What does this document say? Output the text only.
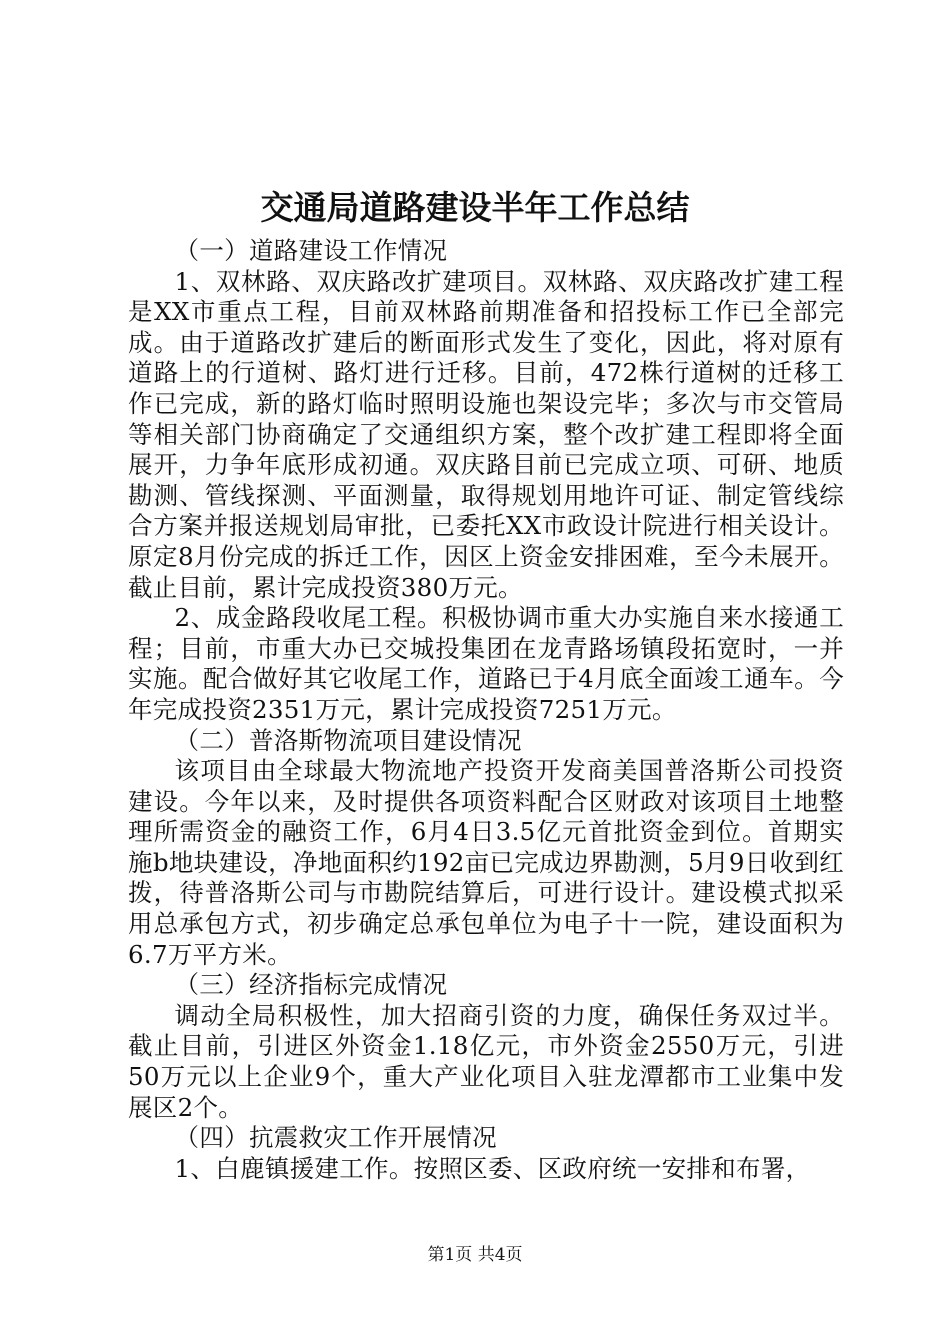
交通局道路建设半年工作总结

（一）道路建设工作情况

1、双林路、双庆路改扩建项目。双林路、双庆路改扩建工程是XX市重点工程，目前双林路前期准备和招投标工作已全部完成。由于道路改扩建后的断面形式发生了变化，因此，将对原有道路上的行道树、路灯进行迁移。目前，472株行道树的迁移工作已完成，新的路灯临时照明设施也架设完毕；多次与市交管局等相关部门协商确定了交通组织方案，整个改扩建工程即将全面展开，力争年底形成初通。双庆路目前已完成立项、可研、地质勘测、管线探测、平面测量，取得规划用地许可证、制定管线综合方案并报送规划局审批，已委托XX市政设计院进行相关设计。原定8月份完成的拆迁工作，因区上资金安排困难，至今未展开。截止目前，累计完成投资380万元。

2、成金路段收尾工程。积极协调市重大办实施自来水接通工程；目前，市重大办已交城投集团在龙青路场镇段拓宽时，一并实施。配合做好其它收尾工作，道路已于4月底全面竣工通车。今年完成投资2351万元，累计完成投资7251万元。

（二）普洛斯物流项目建设情况

该项目由全球最大物流地产投资开发商美国普洛斯公司投资建设。今年以来，及时提供各项资料配合区财政对该项目土地整理所需资金的融资工作，6月4日3.5亿元首批资金到位。首期实施b地块建设，净地面积约192亩已完成边界勘测，5月9日收到红拨，待普洛斯公司与市勘院结算后，可进行设计。建设模式拟采用总承包方式，初步确定总承包单位为电子十一院，建设面积为6.7万平方米。

（三）经济指标完成情况

调动全局积极性，加大招商引资的力度，确保任务双过半。截止目前，引进区外资金1.18亿元，市外资金2550万元，引进50万元以上企业9个，重大产业化项目入驻龙潭都市工业集中发展区2个。

（四）抗震救灾工作开展情况

1、白鹿镇援建工作。按照区委、区政府统一安排和布署，

第1页 共4页
